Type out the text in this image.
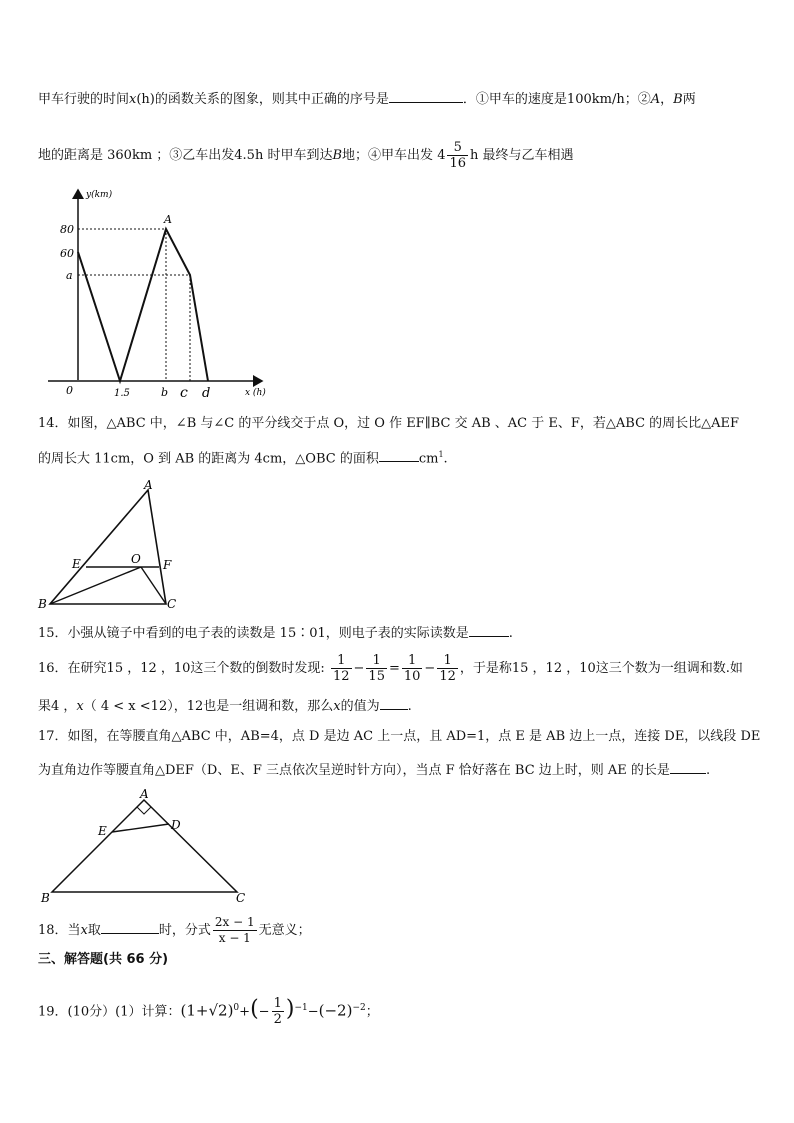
甲车行驶的时间x(h)的函数关系的图象，则其中正确的序号是	．①甲车的速度是100km/h；②A，B两
地的距离是 360km ；③乙车出发4.5h 时甲车到达B地；④甲车出发 $4 \frac{5}{16}$ h 最终与乙车相遇
y(km)
x (h)
80
60
a
0	1.5	b c d
A
14．如图，△ABC 中，∠B 与∠C 的平分线交于点 O，过 O 作 EF∥BC 交 AB 、AC 于 E、F，若△ABC 的周长比△AEF
的周长大 11cm，O 到 AB 的距离为 4cm，△OBC 的面积	$cm^1$.
A
B	C
E	F
O
15．小强从镜子中看到的电子表的读数是 15∶01，则电子表的实际读数是	.
16．在研究15 ，12 ，10这三个数的倒数时发现: $\frac{1}{12} - \frac{1}{15} = \frac{1}{10} - \frac{1}{12}$ ，于是称15 ，12 ，10这三个数为一组调和数.如
果4 ，x（ 4 < x <12），12也是一组调和数，那么x的值为 .
17．如图，在等腰直角△ABC 中，AB=4，点 D 是边 AC 上一点，且 AD=1，点 E 是 AB 边上一点，连接 DE，以线段 DE
为直角边作等腰直角△DEF（D、E、F 三点依次呈逆时针方向），当点 F 恰好落在 BC 边上时，则 AE 的长是	.
A
B	C
D
E
18．当x取	时，分式 $\frac{2x - 1}{x - 1}$ 无意义；
三、解答题(共 66 分)
19．(10分）(1）计算：$(1+√2)^0+(- \frac{1}{2} )^{-1}-(-2)^{-2}$；
